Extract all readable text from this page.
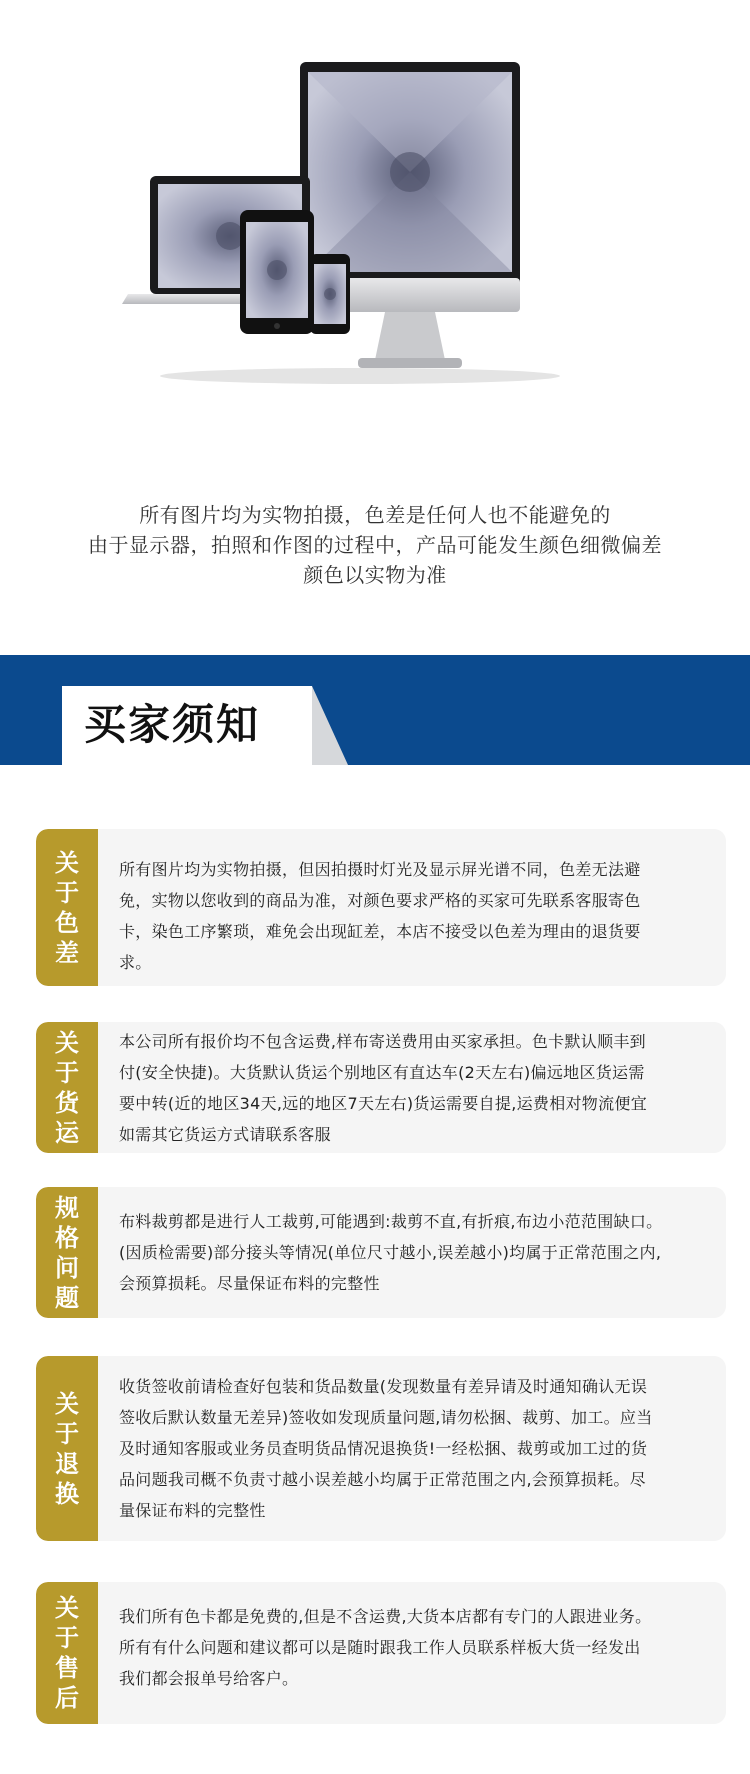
所有图片均为实物拍摄，色差是任何人也不能避免的
由于显示器，拍照和作图的过程中，产品可能发生颜色细微偏差
颜色以实物为准
买家须知
关于色差
所有图片均为实物拍摄，但因拍摄时灯光及显示屏光谱不同，色差无法避
免，实物以您收到的商品为准，对颜色要求严格的买家可先联系客服寄色
卡，染色工序繁琐，难免会出现缸差，本店不接受以色差为理由的退货要
求。
关于货运
本公司所有报价均不包含运费,样布寄送费用由买家承担。色卡默认顺丰到
付(安全快捷)。大货默认货运个别地区有直达车(2天左右)偏远地区货运需
要中转(近的地区34天,远的地区7天左右)货运需要自提,运费相对物流便宜
如需其它货运方式请联系客服
规格问题
布料裁剪都是进行人工裁剪,可能遇到:裁剪不直,有折痕,布边小范范围缺口。
(因质检需要)部分接头等情况(单位尺寸越小,误差越小)均属于正常范围之内,
会预算损耗。尽量保证布料的完整性
关于退换
收货签收前请检查好包装和货品数量(发现数量有差异请及时通知确认无误
签收后默认数量无差异)签收如发现质量问题,请勿松捆、裁剪、加工。应当
及时通知客服或业务员查明货品情况退换货!一经松捆、裁剪或加工过的货
品问题我司概不负责寸越小误差越小均属于正常范围之内,会预算损耗。尽
量保证布料的完整性
关于售后
我们所有色卡都是免费的,但是不含运费,大货本店都有专门的人跟进业务。
所有有什么问题和建议都可以是随时跟我工作人员联系样板大货一经发出
我们都会报单号给客户。
